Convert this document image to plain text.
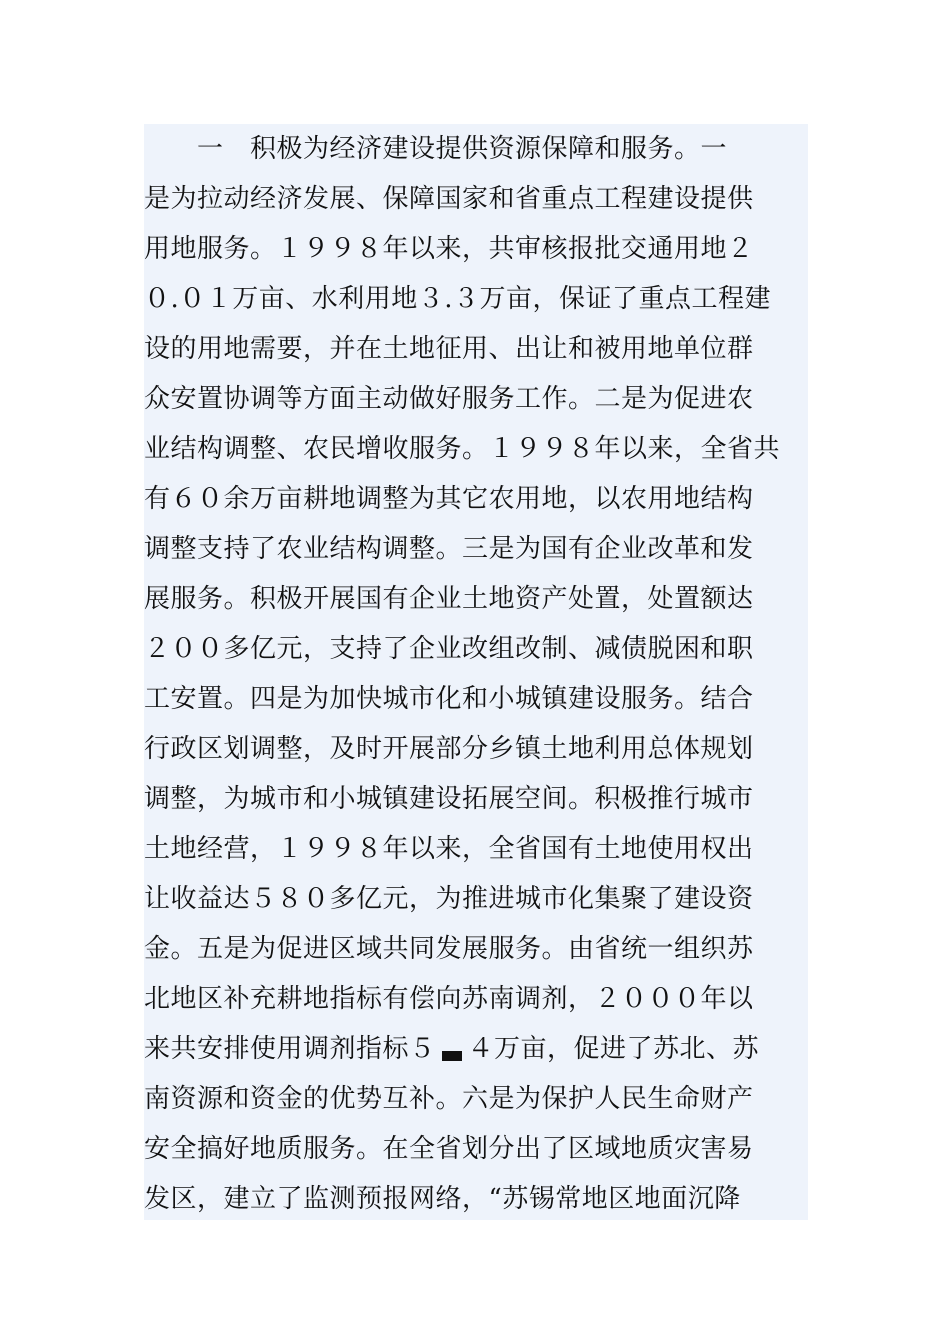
　　一　积极为经济建设提供资源保障和服务。一
是为拉动经济发展、保障国家和省重点工程建设提供
用地服务。１９９８年以来，共审核报批交通用地２
０.０１万亩、水利用地３.３万亩，保证了重点工程建
设的用地需要，并在土地征用、出让和被用地单位群
众安置协调等方面主动做好服务工作。二是为促进农
业结构调整、农民增收服务。１９９８年以来，全省共
有６０余万亩耕地调整为其它农用地，以农用地结构
调整支持了农业结构调整。三是为国有企业改革和发
展服务。积极开展国有企业土地资产处置，处置额达
２００多亿元，支持了企业改组改制、减债脱困和职
工安置。四是为加快城市化和小城镇建设服务。结合
行政区划调整，及时开展部分乡镇土地利用总体规划
调整，为城市和小城镇建设拓展空间。积极推行城市
土地经营，１９９８年以来，全省国有土地使用权出
让收益达５８０多亿元，为推进城市化集聚了建设资
金。五是为促进区域共同发展服务。由省统一组织苏
北地区补充耕地指标有偿向苏南调剂，２０００年以
来共安排使用调剂指标５ ４万亩，促进了苏北、苏
南资源和资金的优势互补。六是为保护人民生命财产
安全搞好地质服务。在全省划分出了区域地质灾害易
发区，建立了监测预报网络，“苏锡常地区地面沉降
